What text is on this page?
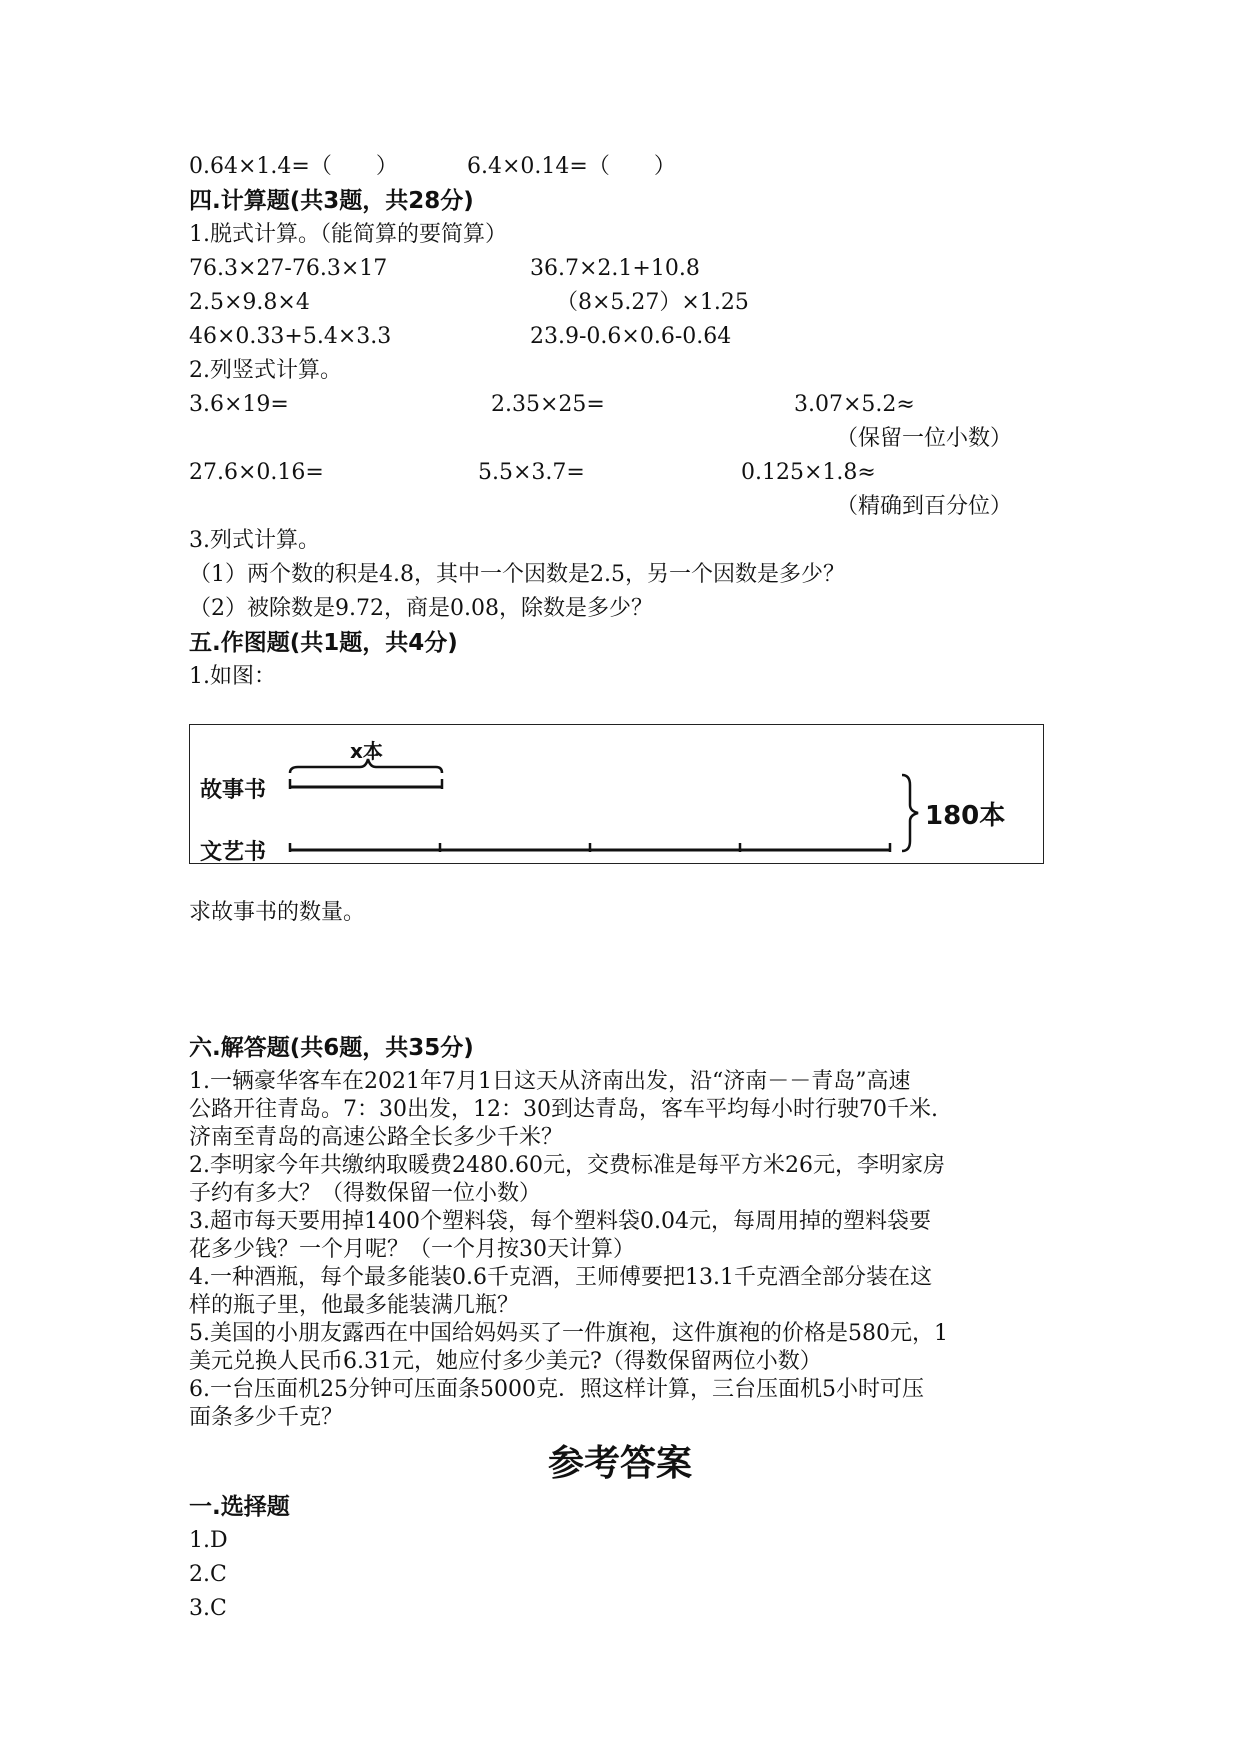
0.64×1.4=（　　）	6.4×0.14=（　　）
四.计算题(共3题，共28分)
1.脱式计算。（能简算的要简算）
76.3×27-76.3×17	36.7×2.1+10.8
2.5×9.8×4	（8×5.27）×1.25
46×0.33+5.4×3.3	23.9-0.6×0.6-0.64
2.列竖式计算。
3.6×19=	2.35×25=	3.07×5.2≈
（保留一位小数）
27.6×0.16=	5.5×3.7=	0.125×1.8≈
（精确到百分位）
3.列式计算。
（1）两个数的积是4.8，其中一个因数是2.5，另一个因数是多少？
（2）被除数是9.72，商是0.08，除数是多少？
五.作图题(共1题，共4分)
1.如图：
x本
故事书
文艺书
180本
求故事书的数量。
六.解答题(共6题，共35分)
1.一辆豪华客车在2021年7月1日这天从济南出发，沿“济南－－青岛”高速
公路开往青岛。7：30出发，12：30到达青岛，客车平均每小时行驶70千米.
济南至青岛的高速公路全长多少千米？
2.李明家今年共缴纳取暖费2480.60元，交费标准是每平方米26元，李明家房
子约有多大？（得数保留一位小数）
3.超市每天要用掉1400个塑料袋，每个塑料袋0.04元，每周用掉的塑料袋要
花多少钱？一个月呢？（一个月按30天计算）
4.一种酒瓶，每个最多能装0.6千克酒，王师傅要把13.1千克酒全部分装在这
样的瓶子里，他最多能装满几瓶？
5.美国的小朋友露西在中国给妈妈买了一件旗袍，这件旗袍的价格是580元，1
美元兑换人民币6.31元，她应付多少美元?（得数保留两位小数）
6.一台压面机25分钟可压面条5000克．照这样计算，三台压面机5小时可压
面条多少千克？
参考答案
一.选择题
1.D
2.C
3.C
